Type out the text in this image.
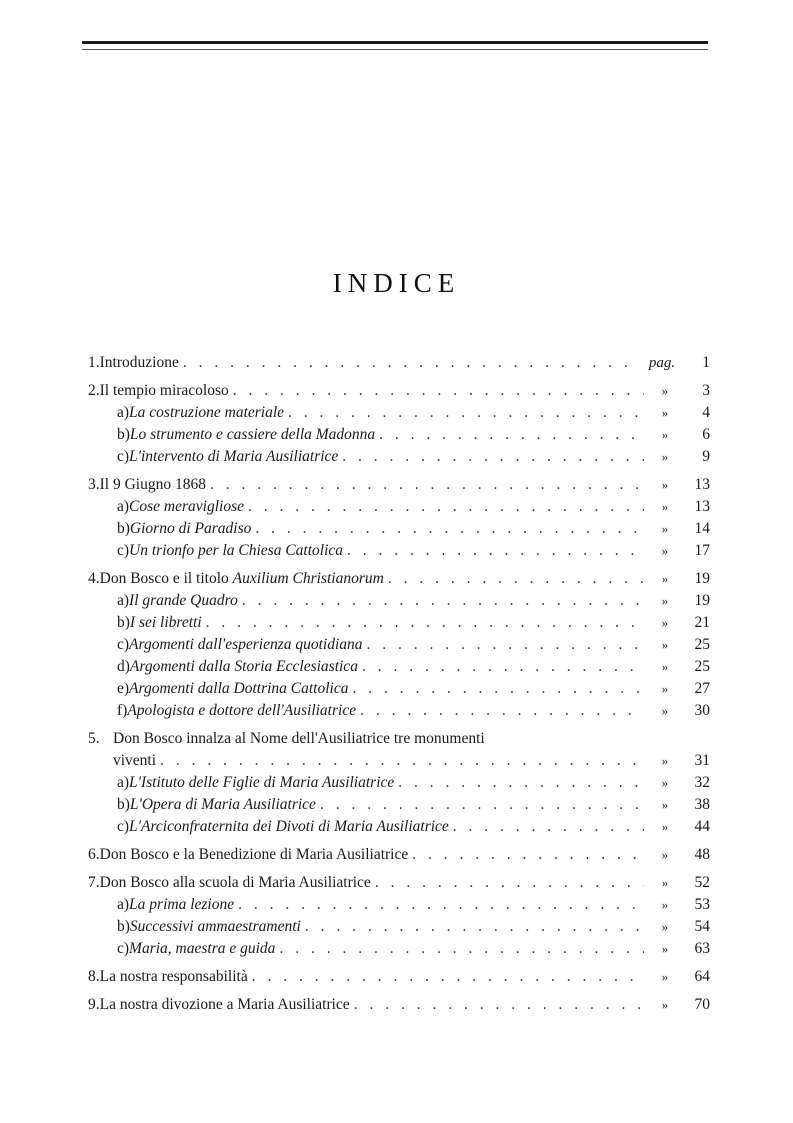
INDICE
1. Introduzione . . .	pag.	1
2. Il tempio miracoloso . . .	»	3
a) La costruzione materiale . . .	»	4
b) Lo strumento e cassiere della Madonna . . .	»	6
c) L'intervento di Maria Ausiliatrice . . .	»	9
3. Il 9 Giugno 1868 . . .	»	13
a) Cose meravigliose . . .	»	13
b) Giorno di Paradiso . . .	»	14
c) Un trionfo per la Chiesa Cattolica . . .	»	17
4. Don Bosco e il titolo
Auxilium Christianorum . . .	»	19
a) Il grande Quadro . . .	»	19
b) I sei libretti . . .	»	21
c) Argomenti dall'esperienza quotidiana . . .	»	25
d) Argomenti dalla Storia Ecclesiastica . . .	»	25
e) Argomenti dalla Dottrina Cattolica . . .	»	27
f) Apologista e dottore dell'Ausiliatrice . . .	»	30
5. Don Bosco innalza al Nome dell'Ausiliatrice tre monumenti
viventi . . .	»	31
a) L'Istituto delle Figlie di Maria Ausiliatrice . . .	»	32
b) L'Opera di Maria Ausiliatrice . . .	»	38
c) L'Arciconfraternita dei Divoti di Maria Ausiliatrice . . .	»	44
6. Don Bosco e la Benedizione di Maria Ausiliatrice . . .	»	48
7. Don Bosco alla scuola di Maria Ausiliatrice . . .	»	52
a) La prima lezione . . .	»	53
b) Successivi ammaestramenti . . .	»	54
c) Maria, maestra e guida . . .	»	63
8. La nostra responsabilità . . .	»	64
9. La nostra divozione a Maria Ausiliatrice . . .	»	70
